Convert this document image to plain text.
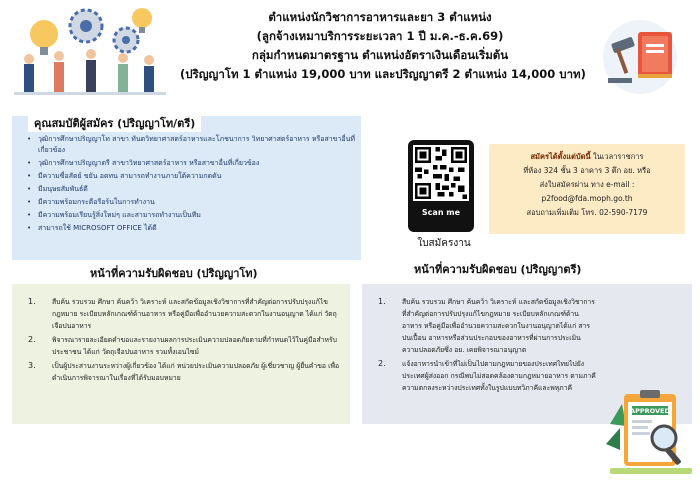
ตำแหน่งนักวิชาการอาหารและยา 3 ตำแหน่ง
(ลูกจ้างเหมาบริการระยะเวลา 1 ปี ม.ค.-ธ.ค.69)
กลุ่มกำหนดมาตรฐาน ตำแหน่งอัตราเงินเดือนเริ่มต้น
(ปริญญาโท 1 ตำแหน่ง 19,000 บาท และปริญญาตรี 2 ตำแหน่ง 14,000 บาท)
คุณสมบัติผู้สมัคร (ปริญญาโท/ตรี)
• วุฒิการศึกษาปริญญาโท สาขา ทันตวิทยาศาสตร์อาหารและโภชนาการ วิทยาศาสตร์อาหาร หรือสาขาอื่นที่เกี่ยวข้อง
• วุฒิการศึกษาปริญญาตรี สาขาวิทยาศาสตร์อาหาร หรือสาขาอื่นที่เกี่ยวข้อง
• มีความซื่อสัตย์ ขยัน อดทน สามารถทำงานภายใต้ความกดดัน
• มีมนุษยสัมพันธ์ดี
• มีความพร้อมกระตือรือร้นในการทำงาน
• มีความพร้อมเรียนรู้สิ่งใหม่ๆ และสามารถทำงานเป็นทีม
• สามารถใช้ MICROSOFT OFFICE ได้ดี
Scan me
ใบสมัครงาน
สมัครได้ตั้งแต่บัดนี้ ในเวลาราชการ
ที่ห้อง 324 ชั้น 3 อาคาร 3 ตึก อย. หรือ
ส่งใบสมัครผ่าน ทาง e-mail :
p2food@fda.moph.go.th
สอบถามเพิ่มเติม โทร. 02-590-7179
หน้าที่ความรับผิดชอบ (ปริญญาโท)
1.	สืบค้น รวบรวม ศึกษา ค้นคว้า วิเคราะห์ และสกัดข้อมูลเชิงวิชาการที่สำคัญต่อการปรับปรุงแก้ไขกฎหมาย ระเบียบหลักเกณฑ์ด้านอาหาร หรือคู่มือเพื่ออำนวยความสะดวกในงานอนุญาต ได้แก่ วัตถุเจือปนอาหาร
2.	พิจารณารายละเอียดคำขอและรายงานผลการประเมินความปลอดภัยตามที่กำหนดไว้ในคู่มือสำหรับประชาชน ได้แก่ วัตถุเจือปนอาหาร รวมทั้งเอนไซม์
3.	เป็นผู้ประสานงานระหว่างผู้เกี่ยวข้อง ได้แก่ หน่วยประเมินความปลอดภัย ผู้เชี่ยวชาญ ผู้ยื่นคำขอ เพื่อดำเนินการพิจารณาในเรื่องที่ได้รับมอบหมาย
หน้าที่ความรับผิดชอบ (ปริญญาตรี)
1.	สืบค้น รวบรวม ศึกษา ค้นคว้า วิเคราะห์ และสกัดข้อมูลเชิงวิชาการที่สำคัญต่อการปรับปรุงแก้ไขกฎหมาย ระเบียบหลักเกณฑ์ด้านอาหาร หรือคู่มือเพื่ออำนวยความสะดวกในงานอนุญาตได้แก่ สารปนเปื้อน อาหารหรือส่วนประกอบของอาหารที่ผ่านการประเมินความปลอดภัยซึ่ง อย. เคยพิจารณาอนุญาต
2.	แจ้งอาหารนำเข้าที่ไม่เป็นไปตามกฎหมายของประเทศไทยไปยังประเทศผู้ส่งออก กรณีพบไม่สอดคล้องตามกฎหมายอาหาร ตามภาคีความตกลงระหว่างประเทศทั้งในรูปแบบทวิภาคีและพหุภาคี
APPROVED
